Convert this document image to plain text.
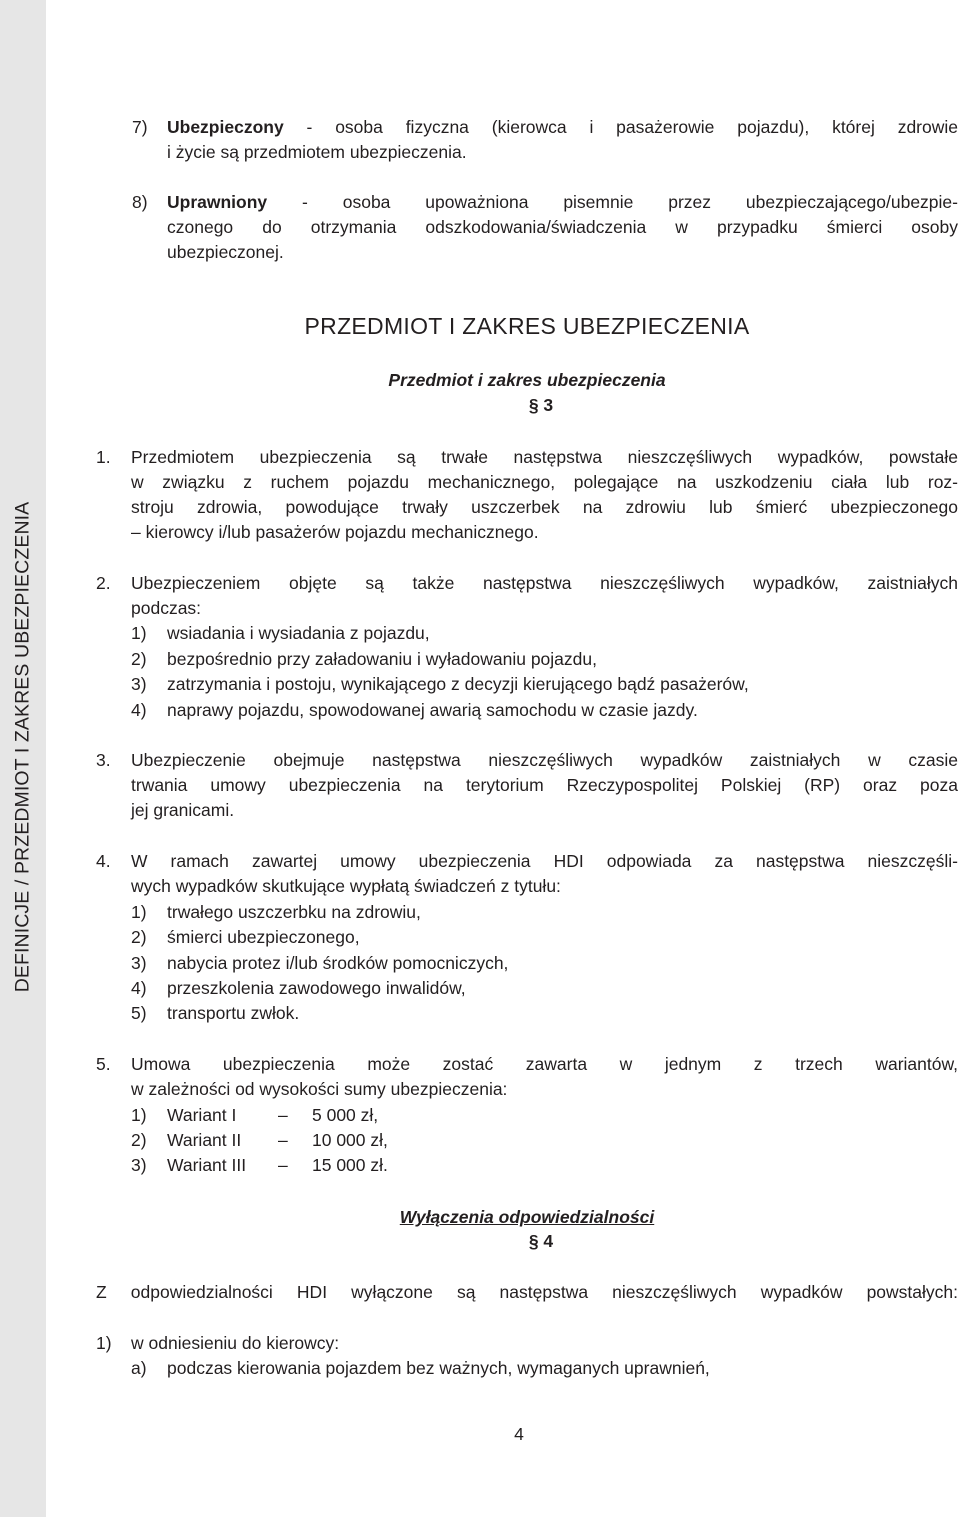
DEFINICJE / PRZEDMIOT I ZAKRES UBEZPIECZENIA
7) Ubezpieczony - osoba fizyczna (kierowca i pasażerowie pojazdu), której zdrowie
i życie są przedmiotem ubezpieczenia.
8) Uprawniony - osoba upoważniona pisemnie przez ubezpieczającego/ubezpie-
czonego do otrzymania odszkodowania/świadczenia w przypadku śmierci osoby
ubezpieczonej.
PRZEDMIOT I ZAKRES UBEZPIECZENIA
Przedmiot i zakres ubezpieczenia
§ 3
1. Przedmiotem ubezpieczenia są trwałe następstwa nieszczęśliwych wypadków, powstałe
w związku z ruchem pojazdu mechanicznego, polegające na uszkodzeniu ciała lub roz-
stroju zdrowia, powodujące trwały uszczerbek na zdrowiu lub śmierć ubezpieczonego
– kierowcy i/lub pasażerów pojazdu mechanicznego.
2. Ubezpieczeniem objęte są także następstwa nieszczęśliwych wypadków, zaistniałych
podczas:
1) wsiadania i wysiadania z pojazdu,
2) bezpośrednio przy załadowaniu i wyładowaniu pojazdu,
3) zatrzymania i postoju, wynikającego z decyzji kierującego bądź pasażerów,
4) naprawy pojazdu, spowodowanej awarią samochodu w czasie jazdy.
3. Ubezpieczenie obejmuje następstwa nieszczęśliwych wypadków zaistniałych w czasie
trwania umowy ubezpieczenia na terytorium Rzeczypospolitej Polskiej (RP) oraz poza
jej granicami.
4. W ramach zawartej umowy ubezpieczenia HDI odpowiada za następstwa nieszczęśli-
wych wypadków skutkujące wypłatą świadczeń z tytułu:
1) trwałego uszczerbku na zdrowiu,
2) śmierci ubezpieczonego,
3) nabycia protez i/lub środków pomocniczych,
4) przeszkolenia zawodowego inwalidów,
5) transportu zwłok.
5. Umowa ubezpieczenia może zostać zawarta w jednym z trzech wariantów,
w zależności od wysokości sumy ubezpieczenia:
1) Wariant I – 5 000 zł,
2) Wariant II – 10 000 zł,
3) Wariant III – 15 000 zł.
Wyłączenia odpowiedzialności
§ 4
Z odpowiedzialności HDI wyłączone są następstwa nieszczęśliwych wypadków powstałych:
1) w odniesieniu do kierowcy:
a) podczas kierowania pojazdem bez ważnych, wymaganych uprawnień,
4
